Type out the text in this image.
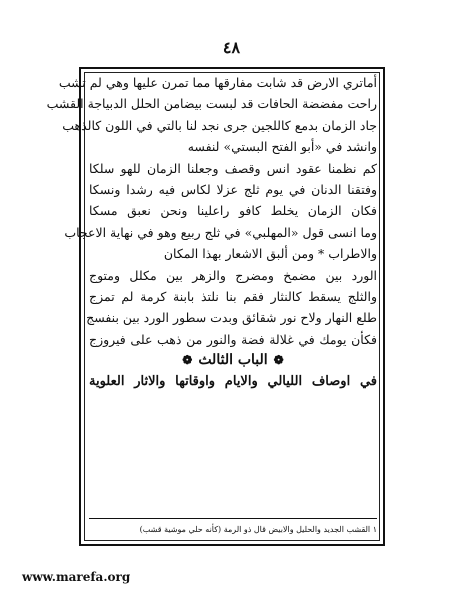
٤٨
أماتري الارض قد شابت مفارقها مما تمرن عليها وهي لم تشب
راحت مفضضة الحافات قد لبست بيضامن الحلل الدبياجة القشب
جاد الزمان بدمع كاللجين جرى نجد لنا بالتي في اللون كالذهب
وانشد في «أبو الفتح البستي» لنفسه
كم نظمنا عقود انس وقصف وجعلنا الزمان للهو سلكا
وفتقنا الدنان في يوم ثلج عزلا لكاس فيه رشدا ونسكا
فكان الزمان يخلط كافو راعلينا ونحن نعبق مسكا
وما انسى قول «المهلبي» في ثلج ربيع وهو في نهاية الاعجاب
والاطراب * ومن ألبق الاشعار بهذا المكان
الورد بين مضمخ ومضرج والزهر بين مكلل ومتوج
والثلج يسقط كالنثار فقم بنا نلتذ بابنة كرمة لم تمزج
طلع النهار ولاح نور شقائق وبدت سطور الورد بين بنفسج
فكأن يومك في غلالة فضة والنور من ذهب على فيروزج
❁الباب الثالث❁
في اوصاف الليالي والايام واوقاتها والاثار العلوية
١ القشب الجديد والحليل والابيض قال ذو الرمة (كأنه حلي موشية قشب)
www.marefa.org
